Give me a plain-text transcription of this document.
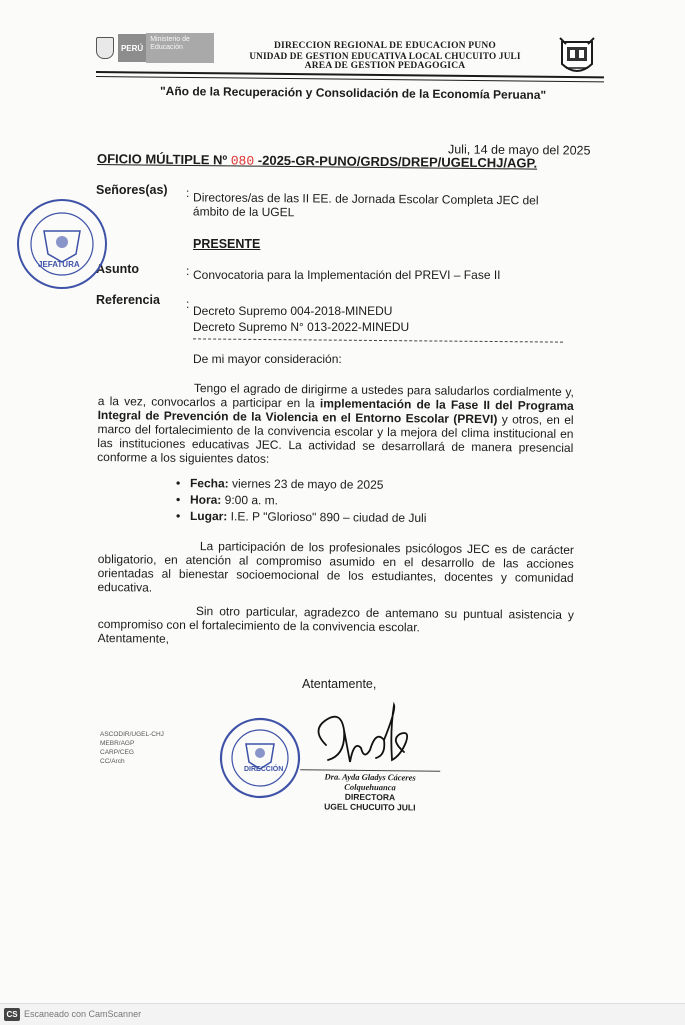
PERÚ
Ministerio de Educación	DIRECCION REGIONAL DE EDUCACION PUNO
UNIDAD DE GESTION EDUCATIVA LOCAL CHUCUITO JULI
AREA DE GESTION PEDAGOGICA
"Año de la Recuperación y Consolidación de la Economía Peruana"
Juli, 14 de mayo del 2025
OFICIO MÚLTIPLE Nº 080 -2025-GR-PUNO/GRDS/DREP/UGELCHJ/AGP.
Señores(as) : Directores/as de las II EE. de Jornada Escolar Completa JEC del ámbito de la UGEL
PRESENTE
Asunto	: Convocatoria para la Implementación del PREVI – Fase II
Referencia : Decreto Supremo 004-2018-MINEDU
Decreto Supremo N° 013-2022-MINEDU
De mi mayor consideración:
Tengo el agrado de dirigirme a ustedes para saludarlos cordialmente y, a la vez, convocarlos a participar en la implementación de la Fase II del Programa Integral de Prevención de la Violencia en el Entorno Escolar (PREVI) y otros, en el marco del fortalecimiento de la convivencia escolar y la mejora del clima institucional en las instituciones educativas JEC. La actividad se desarrollará de manera presencial conforme a los siguientes datos:
• Fecha: viernes 23 de mayo de 2025
• Hora: 9:00 a. m.
• Lugar: I.E. P "Glorioso" 890 – ciudad de Juli
La participación de los profesionales psicólogos JEC es de carácter obligatorio, en atención al compromiso asumido en el desarrollo de las acciones orientadas al bienestar socioemocional de los estudiantes, docentes y comunidad educativa.
Sin otro particular, agradezco de antemano su puntual asistencia y compromiso con el fortalecimiento de la convivencia escolar.
Atentamente,
Atentamente,
JEFATURA
ASCODIR/UGEL-CHJ
MEBR/AGP
CARP/CEG
CC/Arch
DIRECCIÓN
Dra. Ayda Gladys Cáceres Colquehuanca
DIRECTORA
UGEL CHUCUITO JULI
CS Escaneado con CamScanner
